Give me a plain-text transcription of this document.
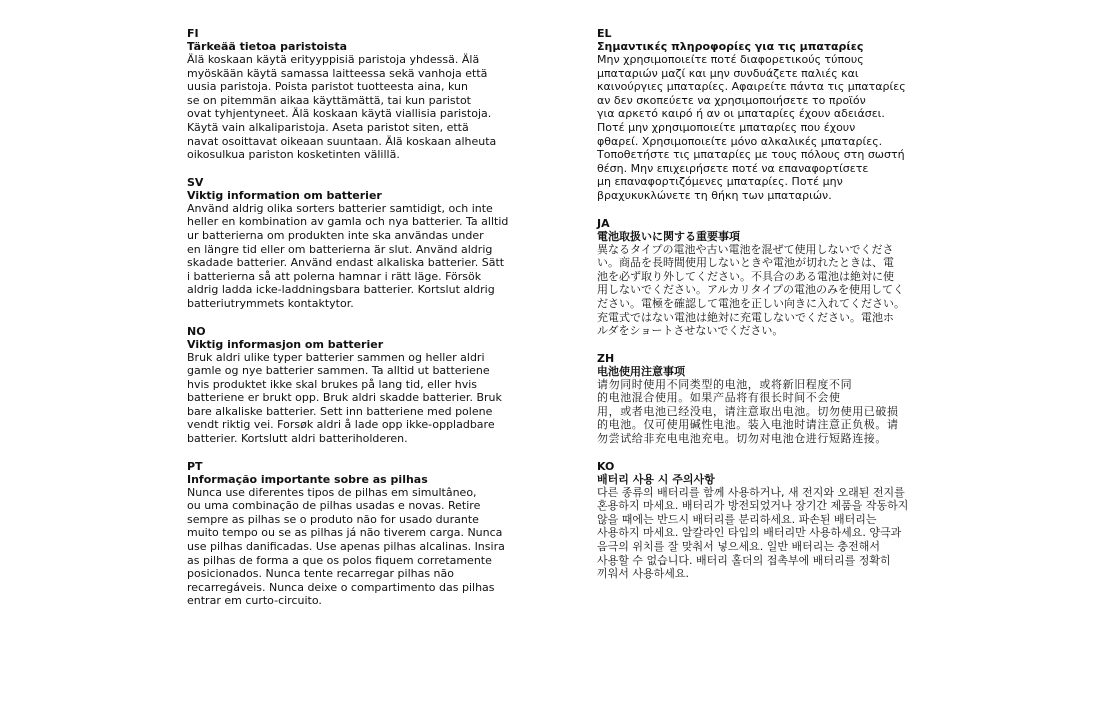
FI

Tärkeää tietoa paristoista

Älä koskaan käytä erityyppisiä paristoja yhdessä. Älä
myöskään käytä samassa laitteessa sekä vanhoja että
uusia paristoja. Poista paristot tuotteesta aina, kun
se on pitemmän aikaa käyttämättä, tai kun paristot
ovat tyhjentyneet. Älä koskaan käytä viallisia paristoja.
Käytä vain alkaliparistoja. Aseta paristot siten, että
navat osoittavat oikeaan suuntaan. Älä koskaan alheuta
oikosulkua pariston kosketinten välillä.

SV

Viktig information om batterier

Använd aldrig olika sorters batterier samtidigt, och inte
heller en kombination av gamla och nya batterier. Ta alltid
ur batterierna om produkten inte ska användas under
en längre tid eller om batterierna är slut. Använd aldrig
skadade batterier. Använd endast alkaliska batterier. Sätt
i batterierna så att polerna hamnar i rätt läge. Försök
aldrig ladda icke-laddningsbara batterier. Kortslut aldrig
batteriutrymmets kontaktytor.

NO

Viktig informasjon om batterier

Bruk aldri ulike typer batterier sammen og heller aldri
gamle og nye batterier sammen. Ta alltid ut batteriene
hvis produktet ikke skal brukes på lang tid, eller hvis
batteriene er brukt opp. Bruk aldri skadde batterier. Bruk
bare alkaliske batterier. Sett inn batteriene med polene
vendt riktig vei. Forsøk aldri å lade opp ikke-oppladbare
batterier. Kortslutt aldri batteriholderen.

PT

Informação importante sobre as pilhas

Nunca use diferentes tipos de pilhas em simultâneo,
ou uma combinação de pilhas usadas e novas. Retire
sempre as pilhas se o produto não for usado durante
muito tempo ou se as pilhas já não tiverem carga. Nunca
use pilhas danificadas. Use apenas pilhas alcalinas. Insira
as pilhas de forma a que os polos fiquem corretamente
posicionados. Nunca tente recarregar pilhas não
recarregáveis. Nunca deixe o compartimento das pilhas
entrar em curto-circuito.

EL

Σημαντικές πληροφορίες για τις μπαταρίες

Μην χρησιμοποιείτε ποτέ διαφορετικούς τύπους
μπαταριών μαζί και μην συνδυάζετε παλιές και
καινούργιες μπαταρίες. Αφαιρείτε πάντα τις μπαταρίες
αν δεν σκοπεύετε να χρησιμοποιήσετε το προϊόν
για αρκετό καιρό ή αν οι μπαταρίες έχουν αδειάσει.
Ποτέ μην χρησιμοποιείτε μπαταρίες που έχουν
φθαρεί. Χρησιμοποιείτε μόνο αλκαλικές μπαταρίες.
Τοποθετήστε τις μπαταρίες με τους πόλους στη σωστή
θέση. Μην επιχειρήσετε ποτέ να επαναφορτίσετε
μη επαναφορτιζόμενες μπαταρίες. Ποτέ μην
βραχυκυκλώνετε τη θήκη των μπαταριών.

JA

電池取扱いに関する重要事項

異なるタイプの電池や古い電池を混ぜて使用しないでくださ
い。商品を長時間使用しないときや電池が切れたときは、電
池を必ず取り外してください。不具合のある電池は絶対に使
用しないでください。アルカリタイプの電池のみを使用してく
ださい。電極を確認して電池を正しい向きに入れてください。
充電式ではない電池は絶対に充電しないでください。電池ホ
ルダをショートさせないでください。

ZH

电池使用注意事项

请勿同时使用不同类型的电池，或将新旧程度不同
的电池混合使用。如果产品将有很长时间不会使
用，或者电池已经没电，请注意取出电池。切勿使用已破损
的电池。仅可使用碱性电池。装入电池时请注意正负极。请
勿尝试给非充电电池充电。切勿对电池仓进行短路连接。

KO

배터리 사용 시 주의사항

다른 종류의 배터리를 함께 사용하거나, 새 전지와 오래된 전지를
혼용하지 마세요. 배터리가 방전되었거나 장기간 제품을 작동하지
않을 때에는 반드시 배터리를 분리하세요. 파손된 배터리는
사용하지 마세요. 알칼라인 타입의 배터리만 사용하세요. 양극과
음극의 위치를 잘 맞춰서 넣으세요. 일반 배터리는 충전해서
사용할 수 없습니다. 배터리 홀더의 접촉부에 배터리를 정확히
끼워서 사용하세요.
